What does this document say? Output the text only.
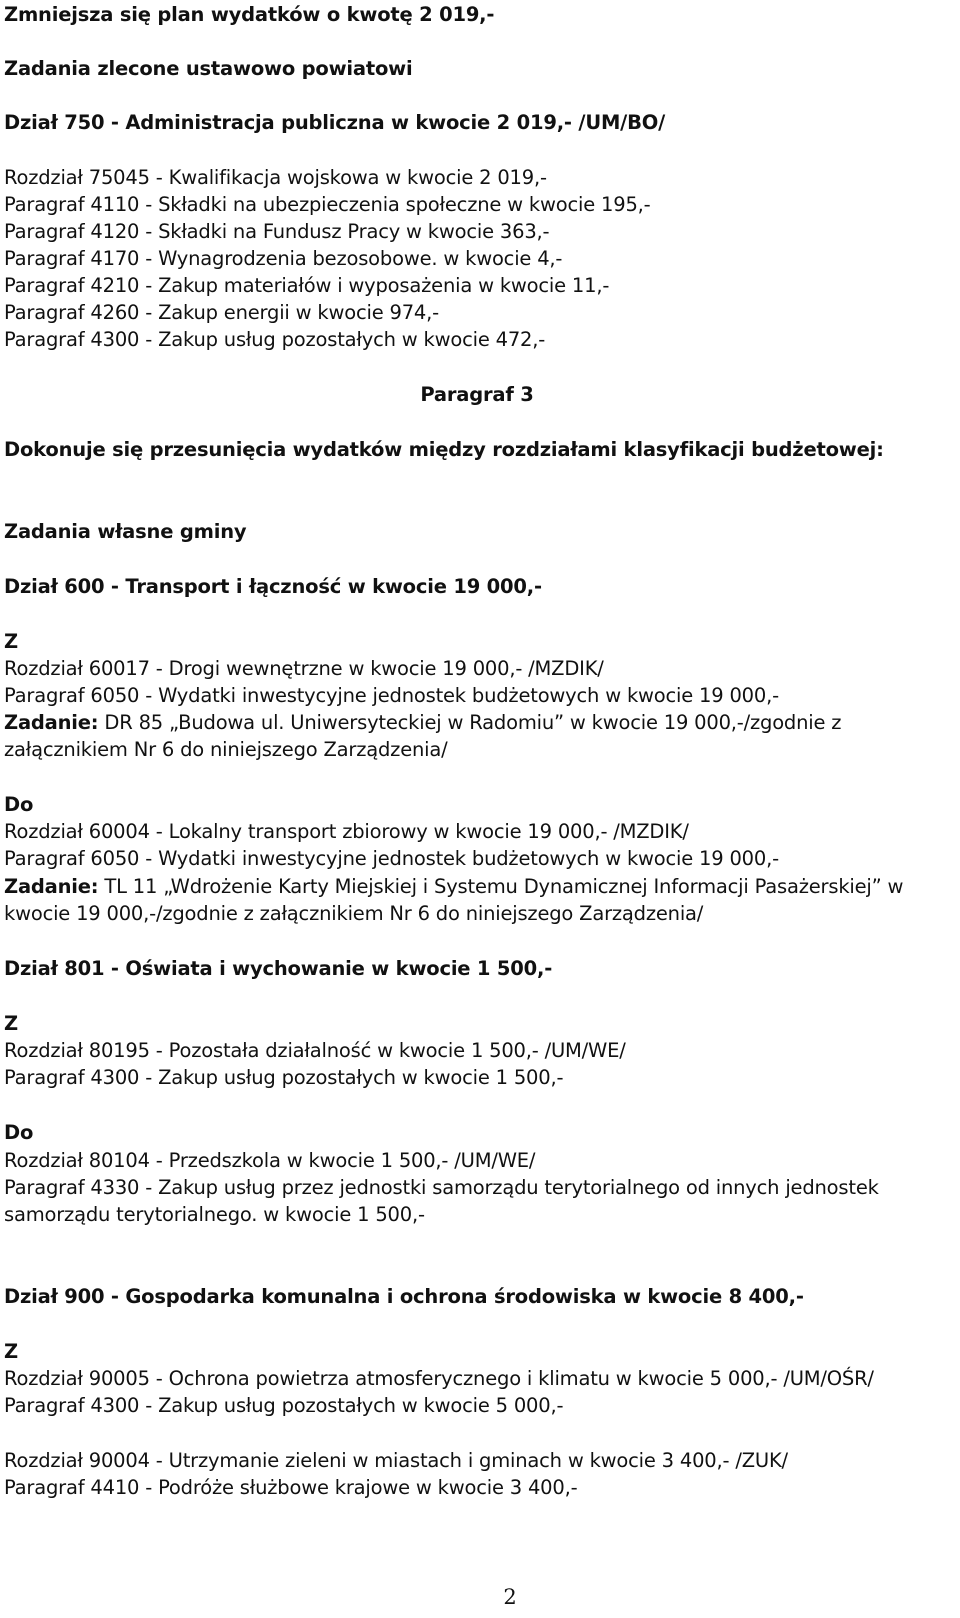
Zmniejsza się plan wydatków o kwotę 2 019,-

Zadania zlecone ustawowo powiatowi

Dział 750 - Administracja publiczna w kwocie 2 019,- /UM/BO/

Rozdział 75045 - Kwalifikacja wojskowa w kwocie 2 019,-

Paragraf 4110 - Składki na ubezpieczenia społeczne w kwocie 195,-

Paragraf 4120 - Składki na Fundusz Pracy w kwocie 363,-

Paragraf 4170 - Wynagrodzenia bezosobowe. w kwocie 4,-

Paragraf 4210 - Zakup materiałów i wyposażenia w kwocie 11,-

Paragraf 4260 - Zakup energii w kwocie 974,-

Paragraf 4300 - Zakup usług pozostałych w kwocie 472,-

Paragraf 3

Dokonuje się przesunięcia wydatków między rozdziałami klasyfikacji budżetowej:

Zadania własne gminy

Dział 600 - Transport i łączność w kwocie 19 000,-

Z

Rozdział 60017 - Drogi wewnętrzne w kwocie 19 000,- /MZDIK/

Paragraf 6050 - Wydatki inwestycyjne jednostek budżetowych w kwocie 19 000,-

Zadanie: DR 85 „Budowa ul. Uniwersyteckiej w Radomiu” w kwocie 19 000,-/zgodnie z

załącznikiem Nr 6 do niniejszego Zarządzenia/

Do

Rozdział 60004 - Lokalny transport zbiorowy w kwocie 19 000,- /MZDIK/

Paragraf 6050 - Wydatki inwestycyjne jednostek budżetowych w kwocie 19 000,-

Zadanie: TL 11 „Wdrożenie Karty Miejskiej i Systemu Dynamicznej Informacji Pasażerskiej” w

kwocie 19 000,-/zgodnie z załącznikiem Nr 6 do niniejszego Zarządzenia/

Dział 801 - Oświata i wychowanie w kwocie 1 500,-

Z

Rozdział 80195 - Pozostała działalność w kwocie 1 500,- /UM/WE/

Paragraf 4300 - Zakup usług pozostałych w kwocie 1 500,-

Do

Rozdział 80104 - Przedszkola w kwocie 1 500,- /UM/WE/

Paragraf 4330 - Zakup usług przez jednostki samorządu terytorialnego od innych jednostek

samorządu terytorialnego. w kwocie 1 500,-

Dział 900 - Gospodarka komunalna i ochrona środowiska w kwocie 8 400,-

Z

Rozdział 90005 - Ochrona powietrza atmosferycznego i klimatu w kwocie 5 000,- /UM/OŚR/

Paragraf 4300 - Zakup usług pozostałych w kwocie 5 000,-

Rozdział 90004 - Utrzymanie zieleni w miastach i gminach w kwocie 3 400,- /ZUK/

Paragraf 4410 - Podróże służbowe krajowe w kwocie 3 400,-

2
